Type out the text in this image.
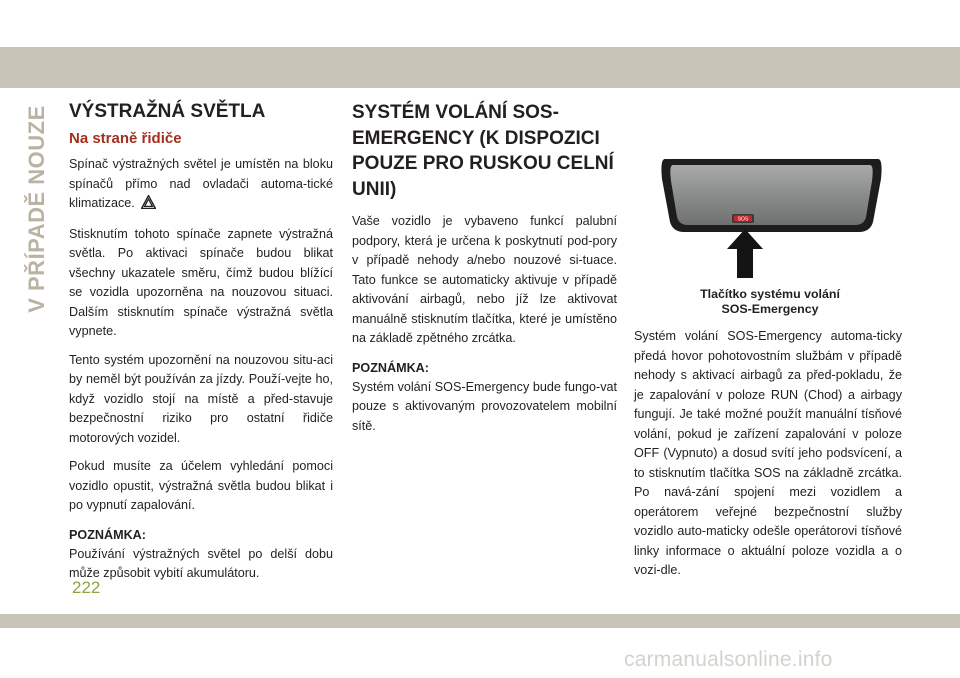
V PŘÍPADĚ NOUZE VÝSTRAŽNÁ SVĚTLA
Na straně řidiče

Spínač výstražných světel je umístěn na bloku spínačů přímo nad ovladači automa-tické klimatizace.

Stisknutím tohoto spínače zapnete výstražná světla. Po aktivaci spínače budou blikat všechny ukazatele směru, čímž budou blížící se vozidla upozorněna na nouzovou situaci. Dalším stisknutím spínače výstražná světla vypnete.

Tento systém upozornění na nouzovou situ-aci by neměl být používán za jízdy. Použí-vejte ho, když vozidlo stojí na místě a před-stavuje bezpečnostní riziko pro ostatní řidiče motorových vozidel.

Pokud musíte za účelem vyhledání pomoci vozidlo opustit, výstražná světla budou blikat i po vypnutí zapalování.

POZNÁMKA:

Používání výstražných světel po delší dobu může způsobit vybití akumulátoru.

SYSTÉM VOLÁNÍ SOS-EMERGENCY (K DISPOZICI POUZE PRO RUSKOU CELNÍ UNII)

Vaše vozidlo je vybaveno funkcí palubní podpory, která je určena k poskytnutí pod-pory v případě nehody a/nebo nouzové si-tuace. Tato funkce se automaticky aktivuje v případě aktivování airbagů, nebo jíž lze aktivovat manuálně stisknutím tlačítka, které je umístěno na základě zpětného zrcátka.

POZNÁMKA:

Systém volání SOS-Emergency bude fungo-vat pouze s aktivovaným provozovatelem mobilní sítě.

SOS
Tlačítko systému volání
SOS-Emergency

Systém volání SOS-Emergency automa-ticky předá hovor pohotovostním službám v případě nehody s aktivací airbagů za před-pokladu, že je zapalování v poloze RUN (Chod) a airbagy fungují. Je také možné použít manuální tísňové volání, pokud je zařízení zapalování v poloze OFF (Vypnuto) a dosud svítí jeho podsvícení, a to stisknutím tlačítka SOS na základně zrcátka. Po navá-zání spojení mezi vozidlem a operátorem veřejné bezpečnostní služby vozidlo auto-maticky odešle operátorovi tísňové linky informace o aktuální poloze vozidla a o vozi-dle.

222
carmanualsonline.info
